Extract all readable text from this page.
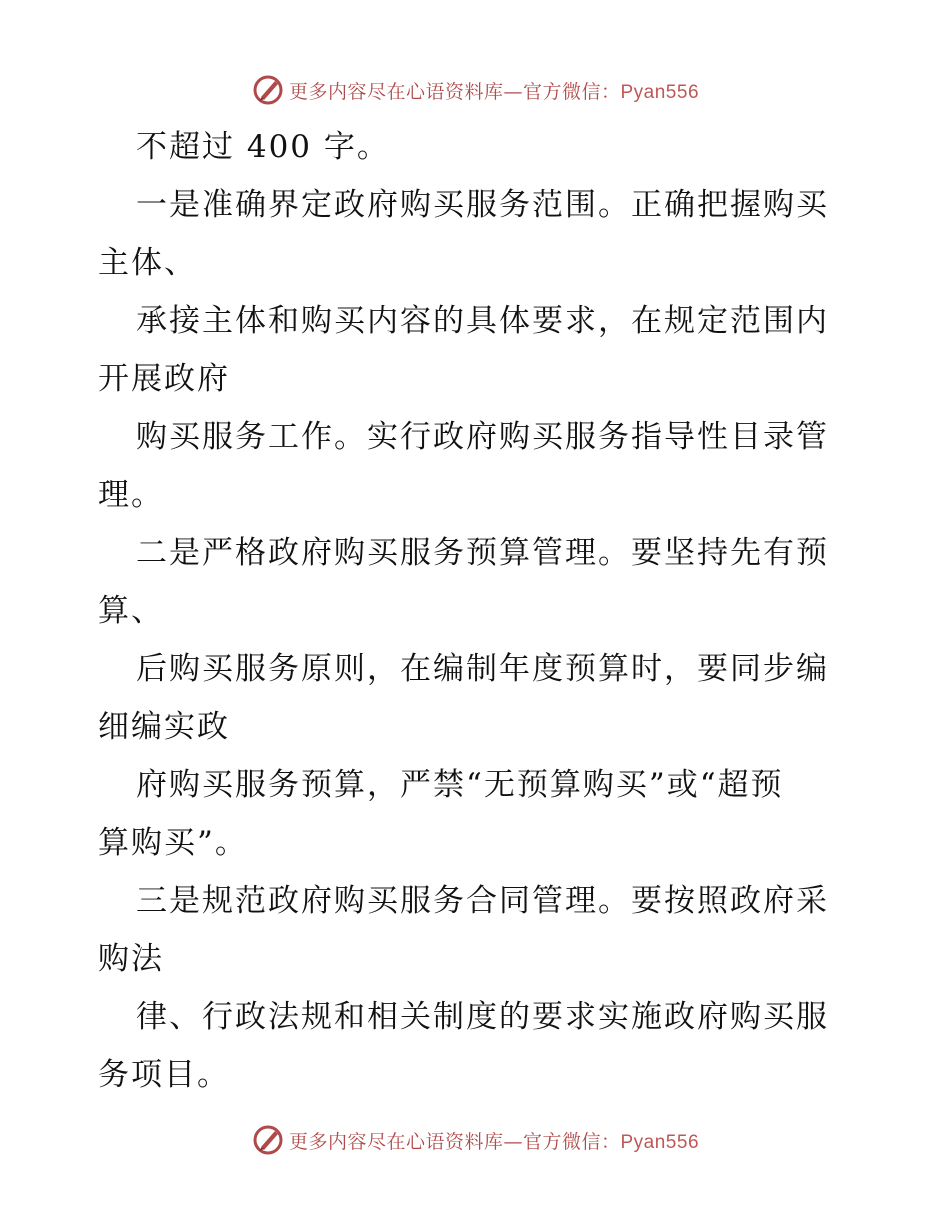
更多内容尽在心语资料库—官方微信：Pyan556
不超过 400 字。
一是准确界定政府购买服务范围。正确把握购买
主体、
承接主体和购买内容的具体要求，在规定范围内
开展政府
购买服务工作。实行政府购买服务指导性目录管
理。
二是严格政府购买服务预算管理。要坚持先有预
算、
后购买服务原则，在编制年度预算时，要同步编
细编实政
府购买服务预算，严禁“无预算购买”或“超预
算购买”。
三是规范政府购买服务合同管理。要按照政府采
购法
律、行政法规和相关制度的要求实施政府购买服
务项目。
更多内容尽在心语资料库—官方微信：Pyan556
